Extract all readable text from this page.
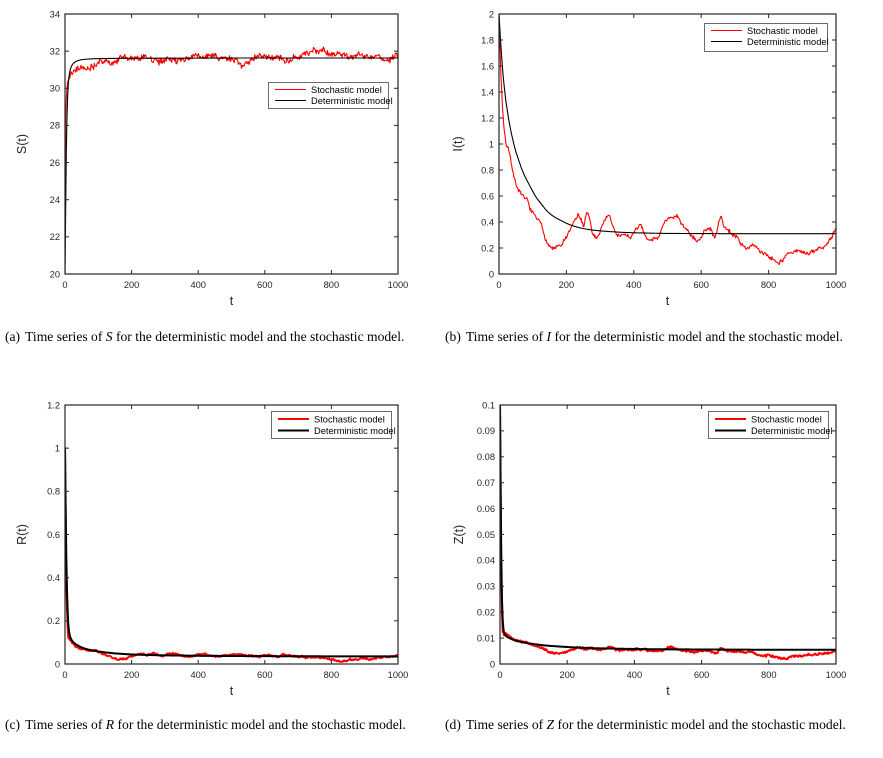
0	200	400	600	800	1000
20
22
24
26
28
30
32
34
t
S(t)
Stochastic model
Deterministic model
0	200	400	600	800	1000
0
0.2
0.4
0.6
0.8
1
1.2
1.4
1.6
1.8
2
t
I(t)
Stochastic model
Deterministic model
0	200	400	600	800	1000
0
0.2
0.4
0.6
0.8
1
1.2
t
R(t)
Stochastic model
Deterministic model
0	200	400	600	800	1000
0
0.01
0.02
0.03
0.04
0.05
0.06
0.07
0.08
0.09
0.1
t
Z(t)
Stochastic model
Deterministic model
(a) Time series of S for the deterministic model and the stochastic model.	(b) Time series of I for the deterministic model and the stochastic model.
(c) Time series of R for the deterministic model and the stochastic model.	(d) Time series of Z for the deterministic model and the stochastic model.
